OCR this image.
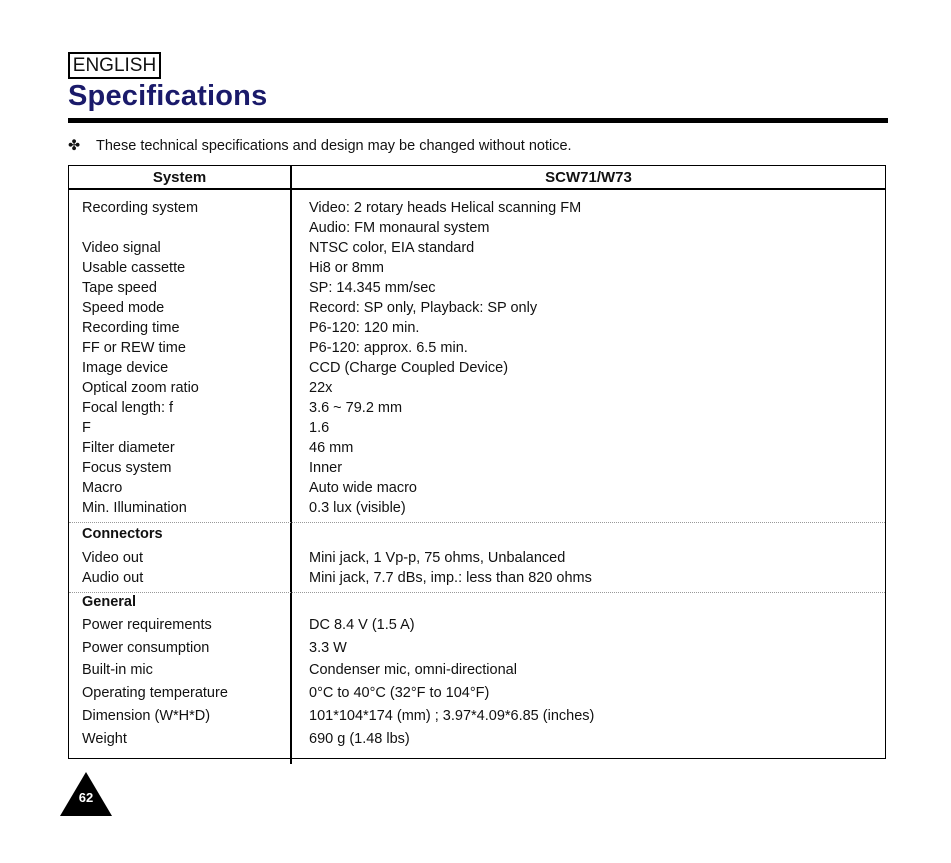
ENGLISH
Specifications
✤ These technical specifications and design may be changed without notice.
System	SCW71/W73
Recording system	Video: 2 rotary heads Helical scanning FM
Audio: FM monaural system
Video signal	NTSC color, EIA standard
Usable cassette	Hi8 or 8mm
Tape speed	SP: 14.345 mm/sec
Speed mode	Record: SP only, Playback: SP only
Recording time	P6-120: 120 min.
FF or REW time	P6-120: approx. 6.5 min.
Image device	CCD (Charge Coupled Device)
Optical zoom ratio	22x
Focal length: f	3.6 ~ 79.2 mm
F	1.6
Filter diameter	46 mm
Focus system	Inner
Macro	Auto wide macro
Min. Illumination	0.3 lux (visible)
Connectors
Video out	Mini jack, 1 Vp-p, 75 ohms, Unbalanced
Audio out	Mini jack, 7.7 dBs, imp.: less than 820 ohms
General
Power requirements	DC 8.4 V (1.5 A)
Power consumption	3.3 W
Built-in mic	Condenser mic, omni-directional
Operating temperature	0°C to 40°C (32°F to 104°F)
Dimension (W*H*D)	101*104*174 (mm) ; 3.97*4.09*6.85 (inches)
Weight	690 g (1.48 lbs)
62
